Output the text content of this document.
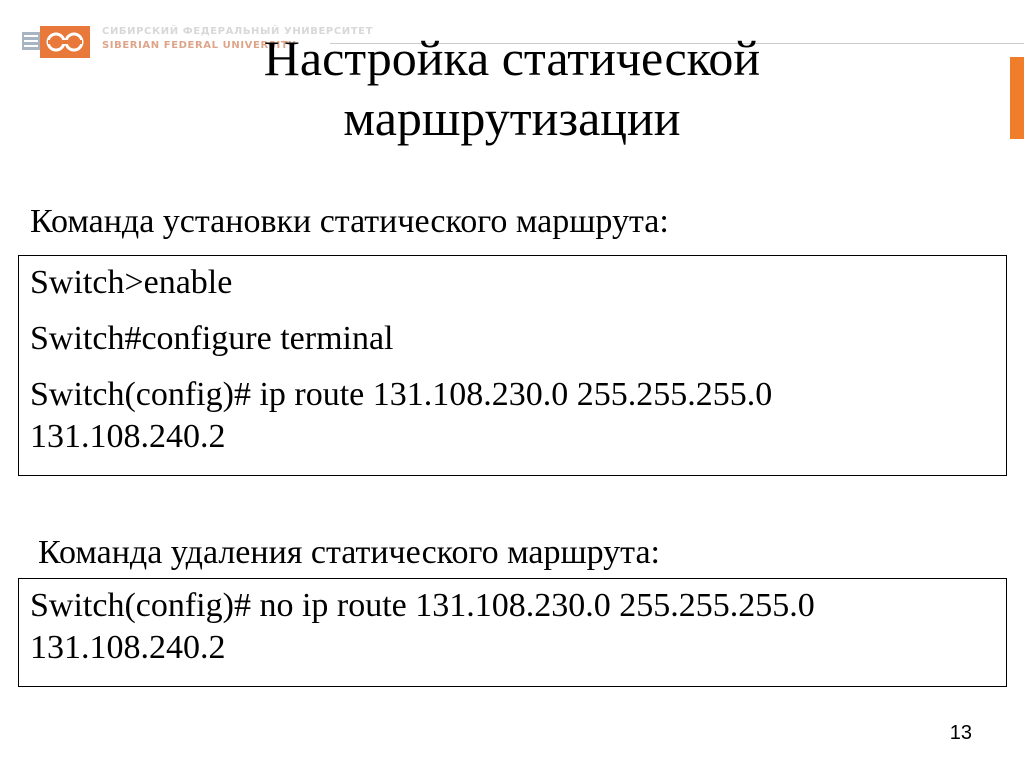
СИБИРСКИЙ ФЕДЕРАЛЬНЫЙ УНИВЕРСИТЕТ
SIBERIAN FEDERAL UNIVERSITY
Настройка статической
маршрутизации
Команда установки статического маршрута:
Switch>enable
Switch#configure terminal
Switch(config)# ip route 131.108.230.0 255.255.255.0
131.108.240.2
Команда удаления статического маршрута:
Switch(config)# no ip route 131.108.230.0 255.255.255.0
131.108.240.2
13
